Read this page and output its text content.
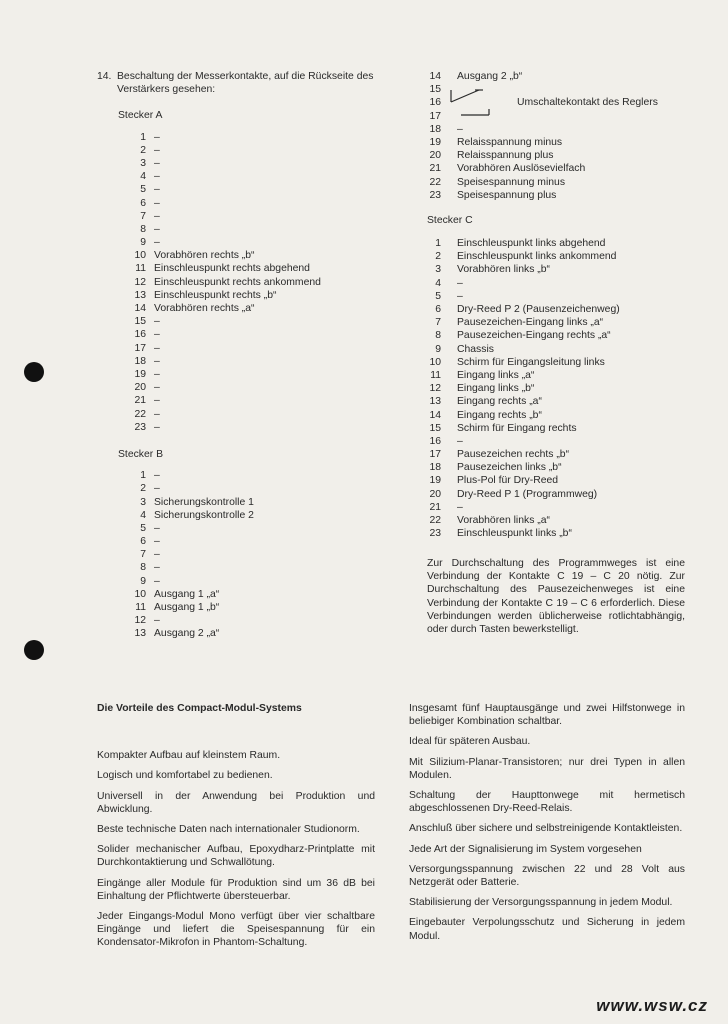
14. Beschaltung der Messerkontakte, auf die Rückseite des Verstärkers gesehen:
Stecker A
1 –
2 –
3 –
4 –
5 –
6 –
7 –
8 –
9 –
10 Vorabhören rechts „b“
11 Einschleuspunkt rechts abgehend
12 Einschleuspunkt rechts ankommend
13 Einschleuspunkt rechts „b“
14 Vorabhören rechts „a“
15 –
16 –
17 –
18 –
19 –
20 –
21 –
22 –
23 –
Stecker B
1 –
2 –
3 Sicherungskontrolle 1
4 Sicherungskontrolle 2
5 –
6 –
7 –
8 –
9 –
10 Ausgang 1 „a“
11 Ausgang 1 „b“
12 –
13 Ausgang 2 „a“
14	Ausgang 2 „b“
15
16	Umschaltekontakt des Reglers
17
18	–
19	Relaisspannung minus
20	Relaisspannung plus
21	Vorabhören Auslösevielfach
22	Speisespannung minus
23	Speisespannung plus
Stecker C
1	Einschleuspunkt links abgehend
2	Einschleuspunkt links ankommend
3	Vorabhören links „b“
4	–
5	–
6	Dry-Reed P 2 (Pausenzeichenweg)
7	Pausezeichen-Eingang links „a“
8	Pausezeichen-Eingang rechts „a“
9	Chassis
10	Schirm für Eingangsleitung links
11	Eingang links „a“
12	Eingang links „b“
13	Eingang rechts „a“
14	Eingang rechts „b“
15	Schirm für Eingang rechts
16	–
17	Pausezeichen rechts „b“
18	Pausezeichen links „b“
19	Plus-Pol für Dry-Reed
20	Dry-Reed P 1 (Programmweg)
21	–
22	Vorabhören links „a“
23	Einschleuspunkt links „b“
Zur Durchschaltung des Programmweges ist eine Verbindung der Kontakte C 19 – C 20 nötig. Zur Durchschaltung des Pausezeichenweges ist eine Verbindung der Kontakte C 19 – C 6 erforderlich. Diese Verbindungen werden üblicherweise rotlichtabhängig, oder durch Tasten bewerkstelligt.
Die Vorteile des Compact-Modul-Systems
Kompakter Aufbau auf kleinstem Raum.
Logisch und komfortabel zu bedienen.
Universell in der Anwendung bei Produktion und Abwicklung.
Beste technische Daten nach internationaler Studionorm.
Solider mechanischer Aufbau, Epoxydharz-Printplatte mit Durchkontaktierung und Schwallötung.
Eingänge aller Module für Produktion sind um 36 dB bei Einhaltung der Pflichtwerte übersteuerbar.
Jeder Eingangs-Modul Mono verfügt über vier schaltbare Eingänge und liefert die Speisespannung für ein Kondensator-Mikrofon in Phantom-Schaltung.
Insgesamt fünf Hauptausgänge und zwei Hilfstonwege in beliebiger Kombination schaltbar.
Ideal für späteren Ausbau.
Mit Silizium-Planar-Transistoren; nur drei Typen in allen Modulen.
Schaltung der Haupttonwege mit hermetisch abgeschlossenen Dry-Reed-Relais.
Anschluß über sichere und selbstreinigende Kontaktleisten.
Jede Art der Signalisierung im System vorgesehen
Versorgungsspannung zwischen 22 und 28 Volt aus Netzgerät oder Batterie.
Stabilisierung der Versorgungsspannung in jedem Modul.
Eingebauter Verpolungsschutz und Sicherung in jedem Modul.
www.wsw.cz
